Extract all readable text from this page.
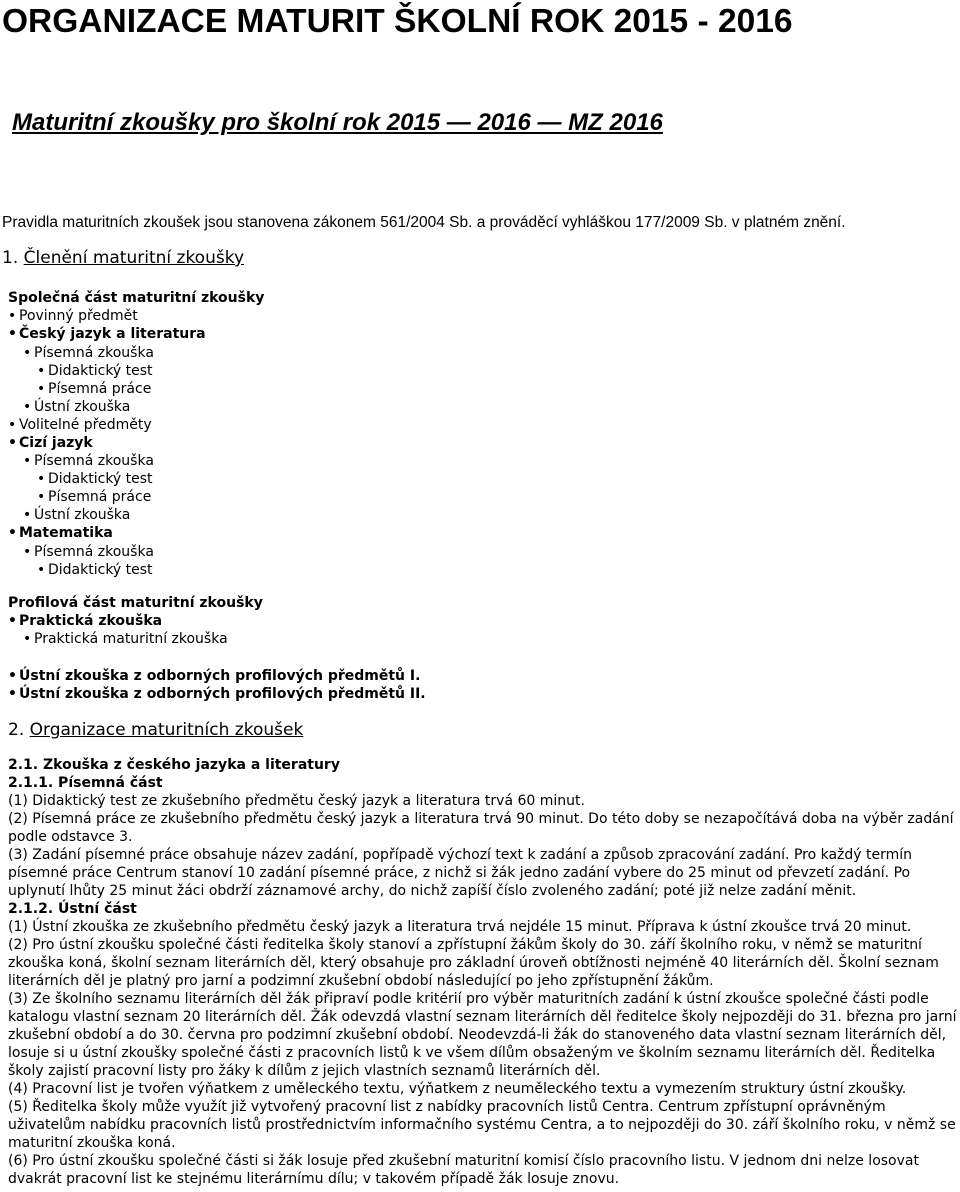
ORGANIZACE MATURIT ŠKOLNÍ ROK 2015 - 2016
Maturitní zkoušky pro školní rok 2015 — 2016 — MZ 2016
Pravidla maturitních zkoušek jsou stanovena zákonem 561/2004 Sb. a prováděcí vyhláškou 177/2009 Sb. v platném znění.
1. Členění maturitní zkoušky
Společná část maturitní zkoušky
• Povinný předmět
• Český jazyk a literatura
• Písemná zkouška
• Didaktický test
• Písemná práce
• Ústní zkouška
• Volitelné předměty
• Cizí jazyk
• Písemná zkouška
• Didaktický test
• Písemná práce
• Ústní zkouška
• Matematika
• Písemná zkouška
• Didaktický test
Profilová část maturitní zkoušky
• Praktická zkouška
• Praktická maturitní zkouška
• Ústní zkouška z odborných profilových předmětů I.
• Ústní zkouška z odborných profilových předmětů II.
2. Organizace maturitních zkoušek

2.1. Zkouška z českého jazyka a literatury

2.1.1. Písemná část

(1) Didaktický test ze zkušebního předmětu český jazyk a literatura trvá 60 minut.

(2) Písemná práce ze zkušebního předmětu český jazyk a literatura trvá 90 minut. Do této doby se nezapočítává doba na výběr zadání podle odstavce 3.

(3) Zadání písemné práce obsahuje název zadání, popřípadě výchozí text k zadání a způsob zpracování zadání. Pro každý termín písemné práce Centrum stanoví 10 zadání písemné práce, z nichž si žák jedno zadání vybere do 25 minut od převzetí zadání. Po uplynutí lhůty 25 minut žáci obdrží záznamové archy, do nichž zapíší číslo zvoleného zadání; poté již nelze zadání měnit.

2.1.2. Ústní část

(1) Ústní zkouška ze zkušebního předmětu český jazyk a literatura trvá nejdéle 15 minut. Příprava k ústní zkoušce trvá 20 minut.

(2) Pro ústní zkoušku společné části ředitelka školy stanoví a zpřístupní žákům školy do 30. září školního roku, v němž se maturitní zkouška koná, školní seznam literárních děl, který obsahuje pro základní úroveň obtížnosti nejméně 40 literárních děl. Školní seznam literárních děl je platný pro jarní a podzimní zkušební období následující po jeho zpřístupnění žákům.

(3) Ze školního seznamu literárních děl žák připraví podle kritérií pro výběr maturitních zadání k ústní zkoušce společné části podle katalogu vlastní seznam 20 literárních děl. Žák odevzdá vlastní seznam literárních děl ředitelce školy nejpozději do 31. března pro jarní zkušební období a do 30. června pro podzimní zkušební období. Neodevzdá-li žák do stanoveného data vlastní seznam literárních děl, losuje si u ústní zkoušky společné části z pracovních listů k ve všem dílům obsaženým ve školním seznamu literárních děl. Ředitelka školy zajistí pracovní listy pro žáky k dílům z jejich vlastních seznamů literárních děl.

(4) Pracovní list je tvořen výňatkem z uměleckého textu, výňatkem z neuměleckého textu a vymezením struktury ústní zkoušky.

(5) Ředitelka školy může využít již vytvořený pracovní list z nabídky pracovních listů Centra. Centrum zpřístupní oprávněným uživatelům nabídku pracovních listů prostřednictvím informačního systému Centra, a to nejpozději do 30. září školního roku, v němž se maturitní zkouška koná.

(6) Pro ústní zkoušku společné části si žák losuje před zkušební maturitní komisí číslo pracovního listu. V jednom dni nelze losovat dvakrát pracovní list ke stejnému literárnímu dílu; v takovém případě žák losuje znovu.
